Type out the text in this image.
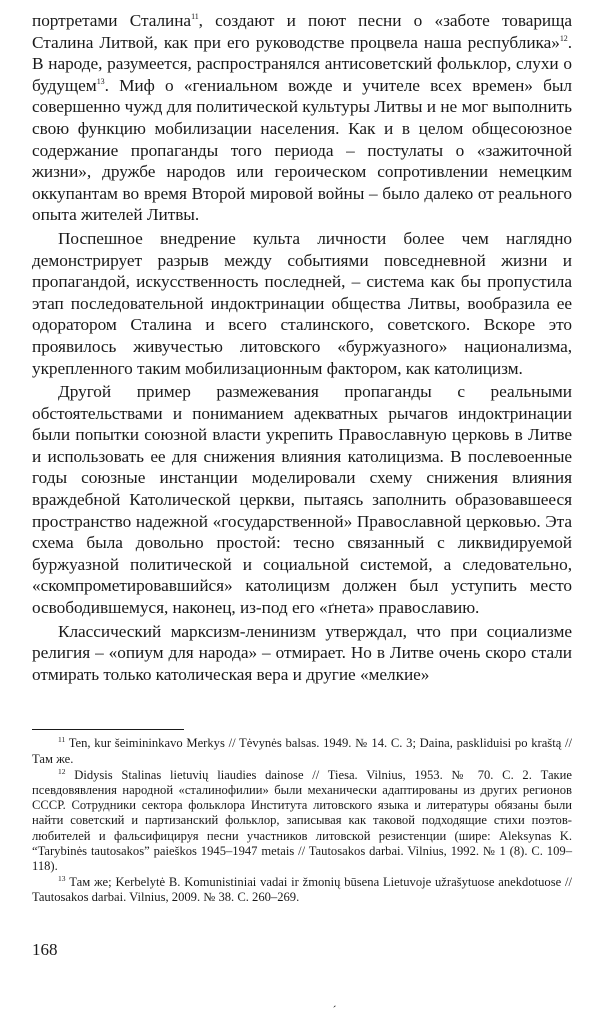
портретами Сталина$^{11}$, создают и поют песни о «заботе товарища Сталина Литвой, как при его руководстве процвела наша республика»$^{12}$. В народе, разумеется, распространялся антисоветский фольклор, слухи о будущем$^{13}$. Миф о «гениальном вожде и учителе всех времен» был совершенно чужд для политической культуры Литвы и не мог выполнить свою функцию мобилизации населения. Как и в целом общесоюзное содержание пропаганды того периода – постулаты о «зажиточной жизни», дружбе народов или героическом сопротивлении немецким оккупантам во время Второй мировой войны – было далеко от реального опыта жителей Литвы.

Поспешное внедрение культа личности более чем наглядно демонстрирует разрыв между событиями повседневной жизни и пропагандой, искусственность последней, – система как бы пропустила этап последовательной индоктринации общества Литвы, вообразила ее одоратором Сталина и всего сталинского, советского. Вскоре это проявилось живучестью литовского «буржуазного» национализма, укрепленного таким мобилизационным фактором, как католицизм.

Другой пример размежевания пропаганды с реальными обстоятельствами и пониманием адекватных рычагов индоктринации были попытки союзной власти укрепить Православную церковь в Литве и использовать ее для снижения влияния католицизма. В послевоенные годы союзные инстанции моделировали схему снижения влияния враждебной Католической церкви, пытаясь заполнить образовавшееся пространство надежной «государственной» Православной церковью. Эта схема была довольно простой: тесно связанный с ликвидируемой буржуазной политической и социальной системой, а следовательно, «скомпрометировавшийся» католицизм должен был уступить место освободившемуся, наконец, из-под его «ґнета» православию.

Классический марксизм-ленинизм утверждал, что при социализме религия – «опиум для народа» – отмирает. Но в Литве очень скоро стали отмирать только католическая вера и другие «мелкие»

$^{11}$ Ten, kur šeimininkavo Merkys // Tėvynės balsas. 1949. № 14. С. 3; Daina, paskliduisi po kraštą // Там же.

$^{12}$ Didysis Stalinas lietuvių liaudies dainose // Tiesa. Vilnius, 1953. № 70. С. 2. Такие псевдовявления народной «сталинофилии» были механически адаптированы из других регионов СССР. Сотрудники сектора фольклора Института литовского языка и литературы обязаны были найти советский и партизанский фольклор, записывая как таковой подходящие стихи поэтов-любителей и фальсифицируя песни участников литовской резистенции (шире: Aleksynas K. “Tarybinės tautosakos” paieškos 1945–1947 metais // Tautosakos darbai. Vilnius, 1992. № 1 (8). С. 109–118).

$^{13}$ Там же; Kerbelytė B. Komunistiniai vadai ir žmonių būsena Lietuvoje užrašytuose anekdotuose // Tautosakos darbai. Vilnius, 2009. № 38. С. 260–269.

168
